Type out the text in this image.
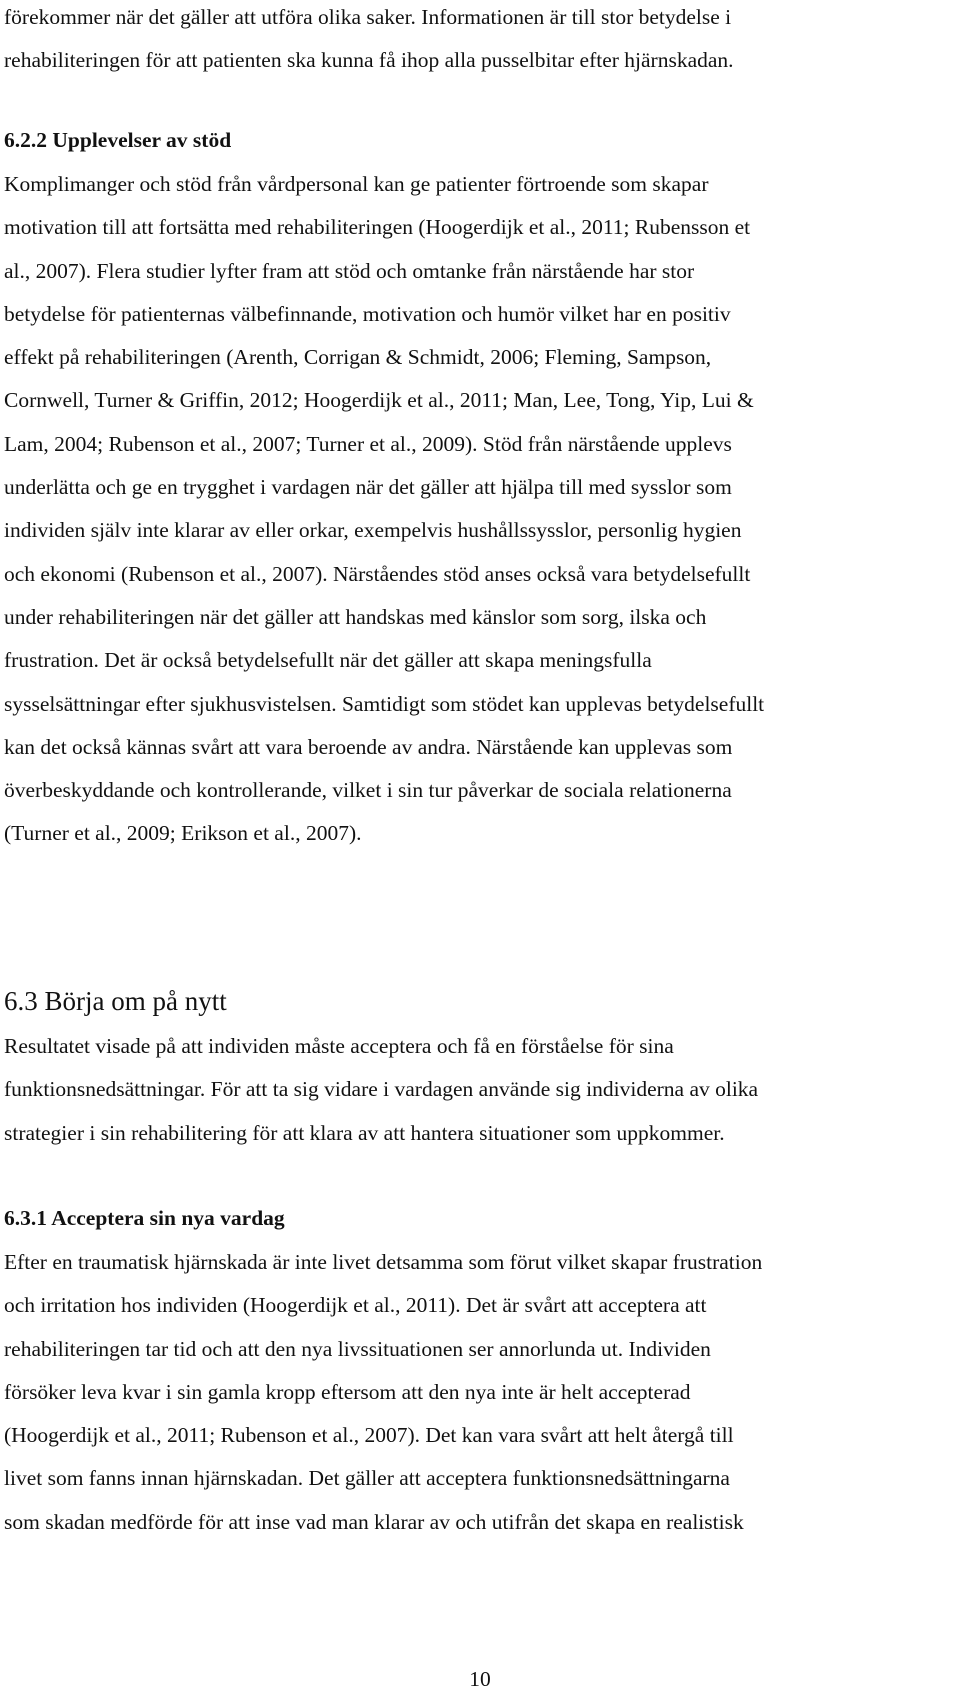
förekommer när det gäller att utföra olika saker. Informationen är till stor betydelse i
rehabiliteringen för att patienten ska kunna få ihop alla pusselbitar efter hjärnskadan.
6.2.2 Upplevelser av stöd
Komplimanger och stöd från vårdpersonal kan ge patienter förtroende som skapar
motivation till att fortsätta med rehabiliteringen (Hoogerdijk et al., 2011; Rubensson et
al., 2007). Flera studier lyfter fram att stöd och omtanke från närstående har stor
betydelse för patienternas välbefinnande, motivation och humör vilket har en positiv
effekt på rehabiliteringen (Arenth, Corrigan & Schmidt, 2006; Fleming, Sampson,
Cornwell, Turner & Griffin, 2012; Hoogerdijk et al., 2011; Man, Lee, Tong, Yip, Lui &
Lam, 2004; Rubenson et al., 2007; Turner et al., 2009). Stöd från närstående upplevs
underlätta och ge en trygghet i vardagen när det gäller att hjälpa till med sysslor som
individen själv inte klarar av eller orkar, exempelvis hushållssysslor, personlig hygien
och ekonomi (Rubenson et al., 2007). Närståendes stöd anses också vara betydelsefullt
under rehabiliteringen när det gäller att handskas med känslor som sorg, ilska och
frustration. Det är också betydelsefullt när det gäller att skapa meningsfulla
sysselsättningar efter sjukhusvistelsen. Samtidigt som stödet kan upplevas betydelsefullt
kan det också kännas svårt att vara beroende av andra. Närstående kan upplevas som
överbeskyddande och kontrollerande, vilket i sin tur påverkar de sociala relationerna
(Turner et al., 2009; Erikson et al., 2007).
6.3 Börja om på nytt
Resultatet visade på att individen måste acceptera och få en förståelse för sina
funktionsnedsättningar. För att ta sig vidare i vardagen använde sig individerna av olika
strategier i sin rehabilitering för att klara av att hantera situationer som uppkommer.
6.3.1 Acceptera sin nya vardag
Efter en traumatisk hjärnskada är inte livet detsamma som förut vilket skapar frustration
och irritation hos individen (Hoogerdijk et al., 2011). Det är svårt att acceptera att
rehabiliteringen tar tid och att den nya livssituationen ser annorlunda ut. Individen
försöker leva kvar i sin gamla kropp eftersom att den nya inte är helt accepterad
(Hoogerdijk et al., 2011; Rubenson et al., 2007). Det kan vara svårt att helt återgå till
livet som fanns innan hjärnskadan. Det gäller att acceptera funktionsnedsättningarna
som skadan medförde för att inse vad man klarar av och utifrån det skapa en realistisk
10
